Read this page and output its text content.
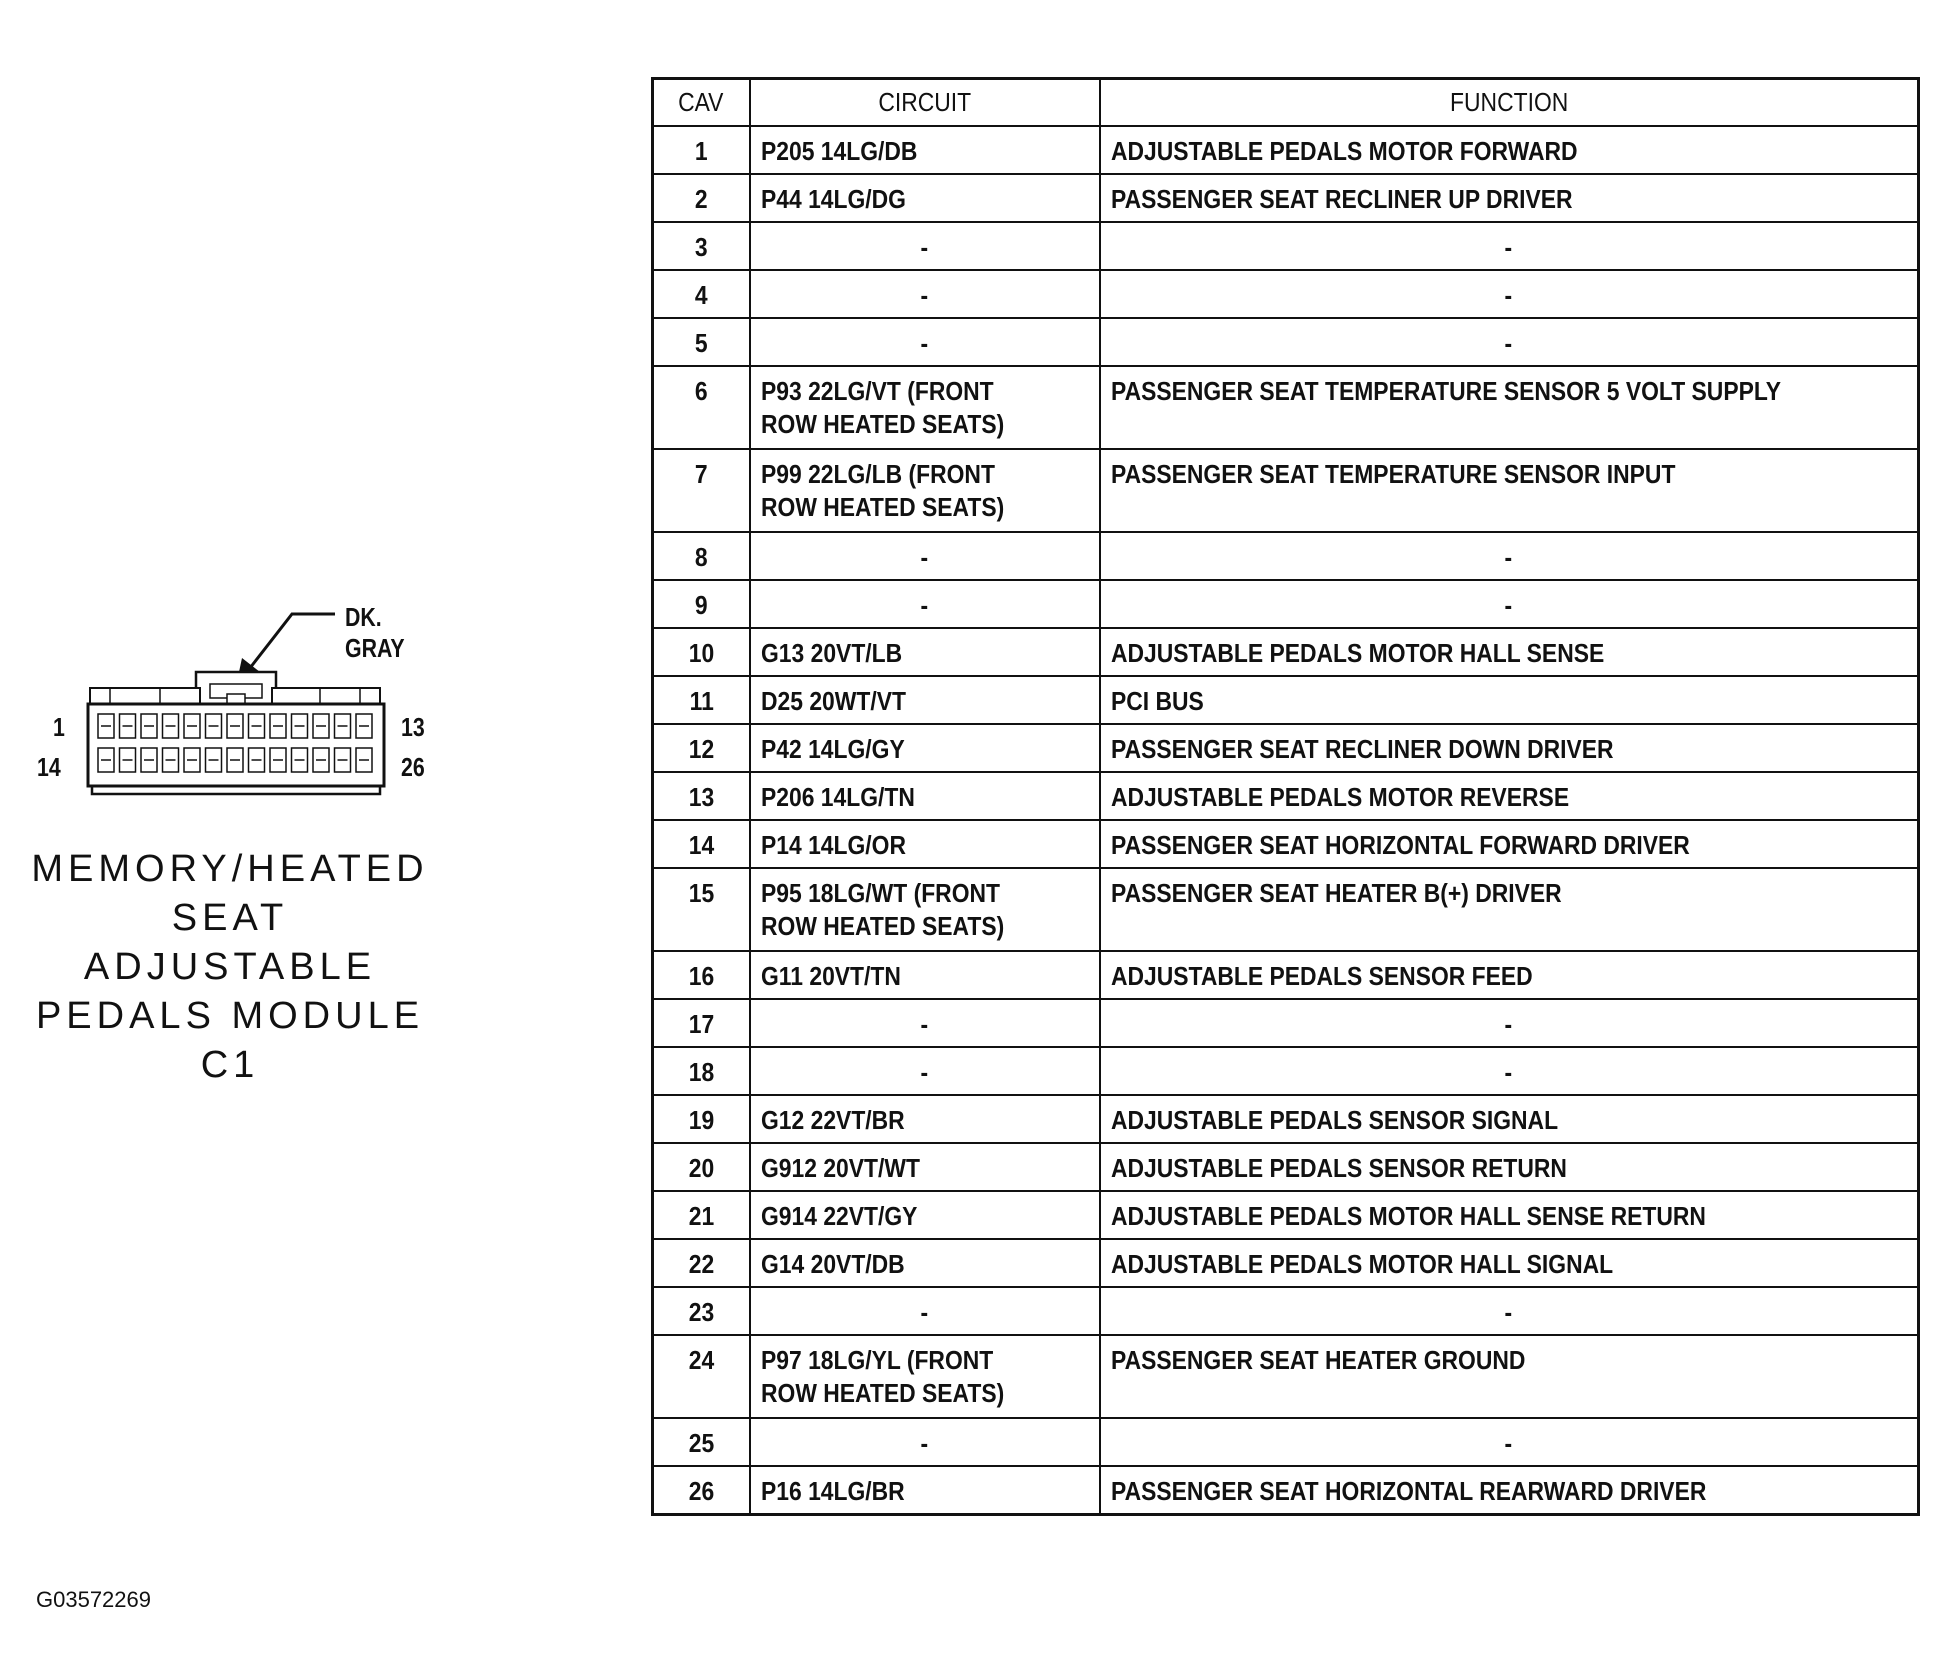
DK. GRAY
1
14
13
26
MEMORY/HEATED
SEAT ADJUSTABLE
PEDALS MODULE C1
G03572269
CAV	CIRCUIT	FUNCTION
1	P205 14LG/DB	ADJUSTABLE PEDALS MOTOR FORWARD
2	P44 14LG/DG	PASSENGER SEAT RECLINER UP DRIVER
3	-	-
4	-	-
5	-	-
6	P93 22LG/VT (FRONT
ROW HEATED SEATS)	PASSENGER SEAT TEMPERATURE SENSOR 5 VOLT SUPPLY
7	P99 22LG/LB (FRONT
ROW HEATED SEATS)	PASSENGER SEAT TEMPERATURE SENSOR INPUT
8	-	-
9	-	-
10	G13 20VT/LB	ADJUSTABLE PEDALS MOTOR HALL SENSE
11	D25 20WT/VT	PCI BUS
12	P42 14LG/GY	PASSENGER SEAT RECLINER DOWN DRIVER
13	P206 14LG/TN	ADJUSTABLE PEDALS MOTOR REVERSE
14	P14 14LG/OR	PASSENGER SEAT HORIZONTAL FORWARD DRIVER
15	P95 18LG/WT (FRONT
ROW HEATED SEATS)	PASSENGER SEAT HEATER B(+) DRIVER
16	G11 20VT/TN	ADJUSTABLE PEDALS SENSOR FEED
17	-	-
18	-	-
19	G12 22VT/BR	ADJUSTABLE PEDALS SENSOR SIGNAL
20	G912 20VT/WT	ADJUSTABLE PEDALS SENSOR RETURN
21	G914 22VT/GY	ADJUSTABLE PEDALS MOTOR HALL SENSE RETURN
22	G14 20VT/DB	ADJUSTABLE PEDALS MOTOR HALL SIGNAL
23	-	-
24	P97 18LG/YL (FRONT
ROW HEATED SEATS)	PASSENGER SEAT HEATER GROUND
25	-	-
26	P16 14LG/BR	PASSENGER SEAT HORIZONTAL REARWARD DRIVER
